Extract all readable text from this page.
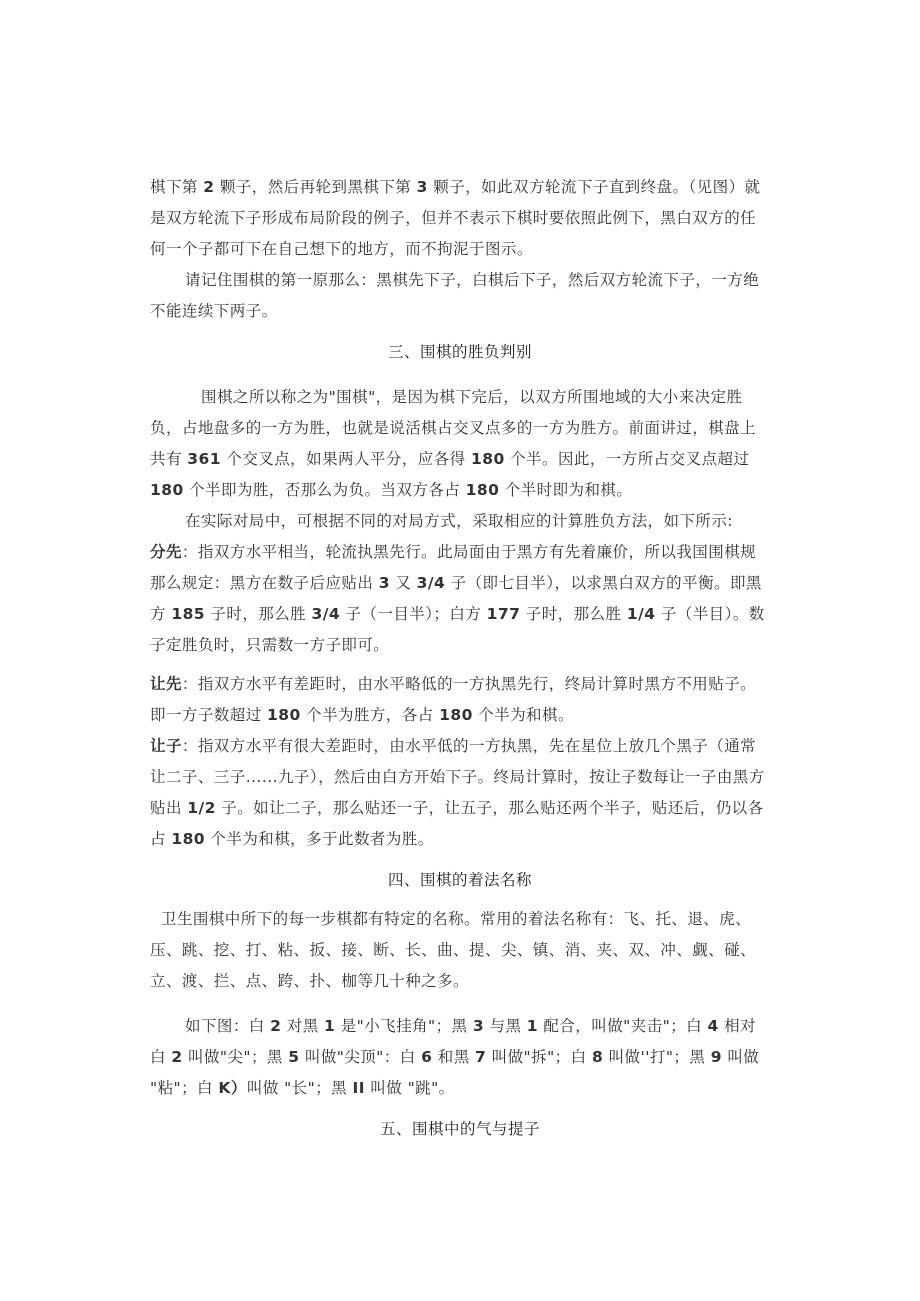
棋下第 2 颗子，然后再轮到黑棋下第 3 颗子，如此双方轮流下子直到终盘。（见图）就是双方轮流下子形成布局阶段的例子，但并不表示下棋时要依照此例下，黑白双方的任何一个子都可下在自己想下的地方，而不拘泥于图示。

请记住围棋的第一原那么：黑棋先下子，白棋后下子，然后双方轮流下子，一方绝不能连续下两子。

三、围棋的胜负判别

围棋之所以称之为"围棋"，是因为棋下完后，以双方所围地域的大小来决定胜负，占地盘多的一方为胜，也就是说活棋占交叉点多的一方为胜方。前面讲过，棋盘上共有 361 个交叉点，如果两人平分，应各得 180 个半。因此，一方所占交叉点超过 180 个半即为胜，否那么为负。当双方各占 180 个半时即为和棋。

在实际对局中，可根据不同的对局方式，采取相应的计算胜负方法，如下所示:

分先：指双方水平相当，轮流执黑先行。此局面由于黑方有先着廉价，所以我国围棋规那么规定：黑方在数子后应贴出 3 又 3/4 子（即七目半），以求黑白双方的平衡。即黑方 185 子时，那么胜 3/4 子（一目半）；白方 177 子时，那么胜 1/4 子（半目）。数子定胜负时，只需数一方子即可。

让先：指双方水平有差距时，由水平略低的一方执黑先行，终局计算时黑方不用贴子。即一方子数超过 180 个半为胜方，各占 180 个半为和棋。

让子：指双方水平有很大差距时，由水平低的一方执黑，先在星位上放几个黑子（通常让二子、三子......九子），然后由白方开始下子。终局计算时，按让子数每让一子由黑方贴出 1/2 子。如让二子，那么贴还一子，让五子，那么贴还两个半子，贴还后，仍以各占 180 个半为和棋，多于此数者为胜。

四、围棋的着法名称

卫生围棋中所下的每一步棋都有特定的名称。常用的着法名称有：飞、托、退、虎、压、跳、挖、打、粘、扳、接、断、长、曲、提、尖、镇、消、夹、双、冲、觑、碰、立、渡、拦、点、跨、扑、枷等几十种之多。

如下图：白 2 对黑 1 是"小飞挂角"；黑 3 与黑 1 配合，叫做"夹击"；白 4 相对白 2 叫做"尖"；黑 5 叫做"尖顶"：白 6 和黑 7 叫做"拆"；白 8 叫做''打"；黑 9 叫做 "粘"；白 K）叫做 "长"；黑 II 叫做 "跳"。

五、围棋中的气与提子
